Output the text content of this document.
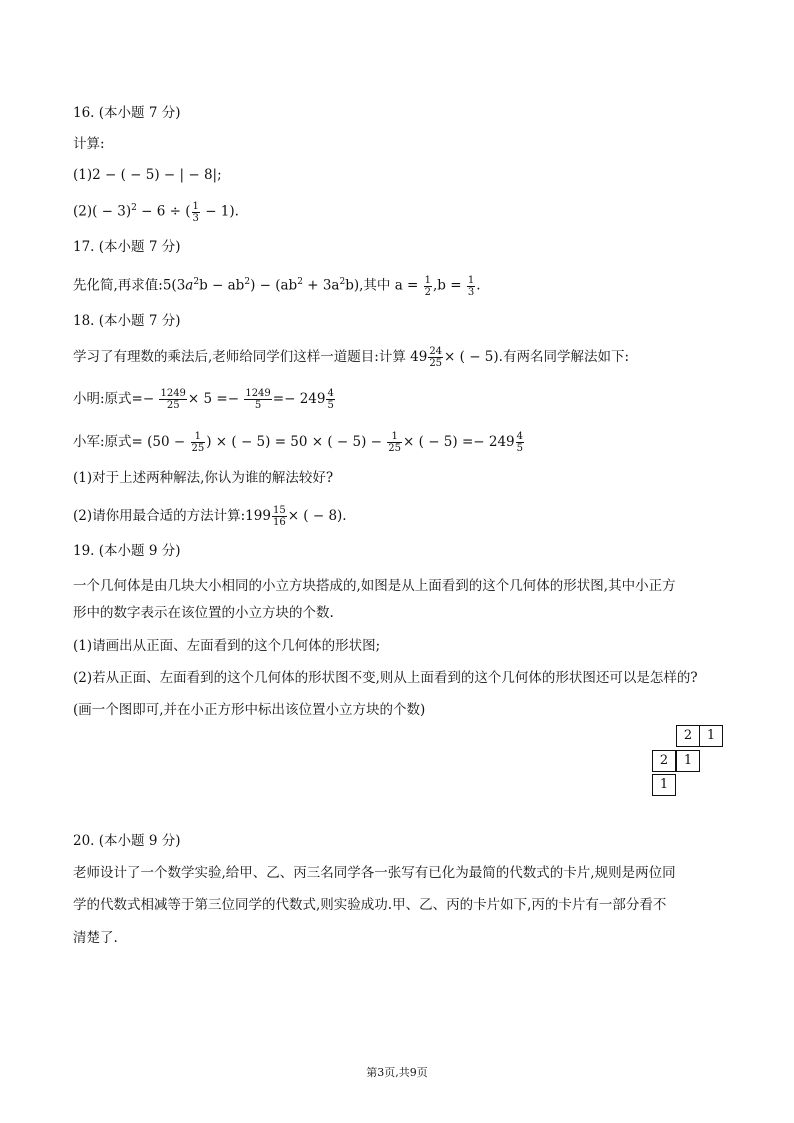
16. (本小题 7 分)
计算:
(1)2 − ( − 5) − | − 8|;
$(2)( - 3)^2 - 6$ ÷ ( $\frac{1}{3} - 1$).
17. (本小题 7 分)
先化简,再求值$:5(3a^2b - ab^2) - (ab^2 + 3a^2b)$,其中 $a = \frac{1}{2} ,b = \frac{1}{3}$ .
18. (本小题 7 分)
学习了有理数的乘法后,老师给同学们这样一道题目:计算 $49 \frac{24}{25}$ × ( − 5).有两名同学解法如下:
小明:原式=− $\frac{1249}{25} \times 5 =- \frac{1249}{5} =- 249 \frac{4}{5}$
小军:原式= ($50 - \frac{1}{25}$ ) × ( − 5) = 50 × ( − $5) - \frac{1}{25}$ × ( − $5) =- 249 \frac{4}{5}$
(1)对于上述两种解法,你认为谁的解法较好?
(2)请你用最合适的方法计算:199 $\frac{15}{16}$ × ( − 8).
19. (本小题 9 分)
一个几何体是由几块大小相同的小立方块搭成的,如图是从上面看到的这个几何体的形状图,其中小正方
形中的数字表示在该位置的小立方块的个数.
(1)请画出从正面、左面看到的这个几何体的形状图;
(2)若从正面、左面看到的这个几何体的形状图不变,则从上面看到的这个几何体的形状图还可以是怎样的?
(画一个图即可,并在小正方形中标出该位置小立方块的个数)
2	1
2	1
1
20. (本小题 9 分)
老师设计了一个数学实验,给甲、乙、丙三名同学各一张写有已化为最简的代数式的卡片,规则是两位同
学的代数式相减等于第三位同学的代数式,则实验成功.甲、乙、丙的卡片如下,丙的卡片有一部分看不
清楚了.
第3页,共9页
